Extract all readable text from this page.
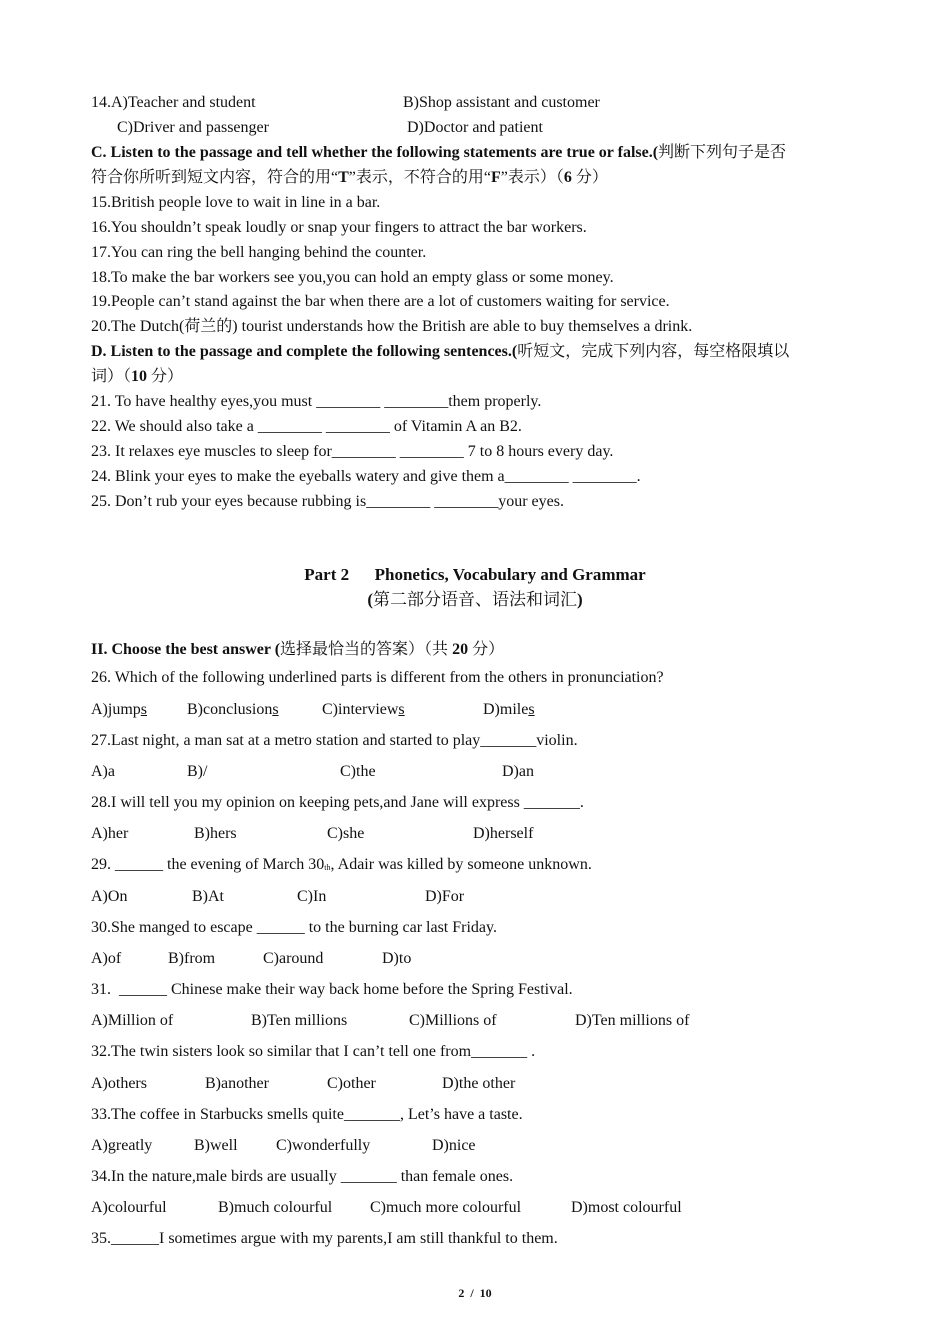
14.A)Teacher and student	B)Shop assistant and customer
C)Driver and passenger	D)Doctor and patient
C. Listen to the passage and tell whether the following statements are true or false.(判断下列句子是否
符合你所听到短文内容，符合的用“T”表示，不符合的用“F”表示）（6 分）
15.British people love to wait in line in a bar.
16.You shouldn’t speak loudly or snap your fingers to attract the bar workers.
17.You can ring the bell hanging behind the counter.
18.To make the bar workers see you,you can hold an empty glass or some money.
19.People can’t stand against the bar when there are a lot of customers waiting for service.
20.The Dutch(荷兰的) tourist understands how the British are able to buy themselves a drink.
D. Listen to the passage and complete the following sentences.(听短文，完成下列内容，每空格限填以
词）（10 分）
21. To have healthy eyes,you must ________ ________them properly.
22. We should also take a ________ ________ of Vitamin A an B2.
23. It relaxes eye muscles to sleep for________ ________ 7 to 8 hours every day.
24. Blink your eyes to make the eyeballs watery and give them a________ ________.
25. Don’t rub your eyes because rubbing is________ ________your eyes.
Part 2      Phonetics, Vocabulary and Grammar
(第二部分语音、语法和词汇)
II. Choose the best answer (选择最恰当的答案）（共 20 分）
26. Which of the following underlined parts is different from the others in pronunciation?
A)jumps B)conclusions	C)interviews	D)miles
27.Last night, a man sat at a metro station and started to play_______violin.
A)a	B)/	C)the	D)an
28.I will tell you my opinion on keeping pets,and Jane will express _______.
A)her	B)hers	C)she	D)herself
29. ______ the evening of March $30_{th}$, Adair was killed by someone unknown.
A)On	B)At	C)In	D)For
30.She manged to escape ______ to the burning car last Friday.
A)of	B)from	C)around	D)to
31.  ______ Chinese make their way back home before the Spring Festival.
A)Million of	B)Ten millions	C)Millions of	D)Ten millions of
32.The twin sisters look so similar that I can’t tell one from_______ .
A)others	B)another	C)other	D)the other
33.The coffee in Starbucks smells quite_______, Let’s have a taste.
A)greatly	B)well C)wonderfully	D)nice
34.In the nature,male birds are usually _______ than female ones.
A)colourful	B)much colourful C)much more colourful	D)most colourful
35.______I sometimes argue with my parents,I am still thankful to them.
2  /  10
